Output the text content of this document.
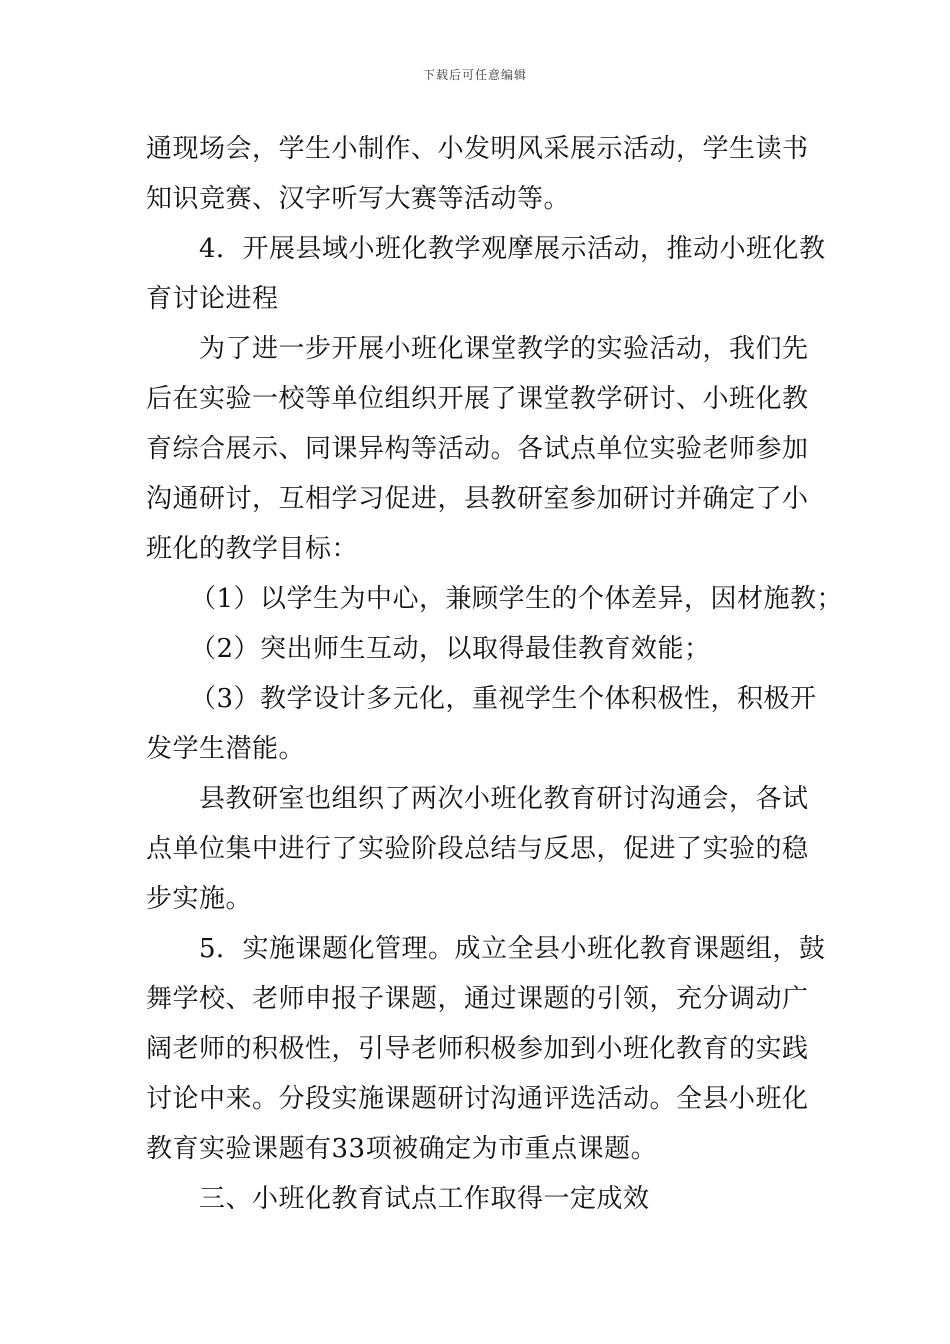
下载后可任意编辑
通现场会，学生小制作、小发明风采展示活动，学生读书
知识竞赛、汉字听写大赛等活动等。
4．开展县域小班化教学观摩展示活动，推动小班化教
育讨论进程
为了进一步开展小班化课堂教学的实验活动，我们先
后在实验一校等单位组织开展了课堂教学研讨、小班化教
育综合展示、同课异构等活动。各试点单位实验老师参加
沟通研讨，互相学习促进，县教研室参加研讨并确定了小
班化的教学目标：
（1）以学生为中心，兼顾学生的个体差异，因材施教；
（2）突出师生互动，以取得最佳教育效能；
（3）教学设计多元化，重视学生个体积极性，积极开
发学生潜能。
县教研室也组织了两次小班化教育研讨沟通会，各试
点单位集中进行了实验阶段总结与反思，促进了实验的稳
步实施。
5．实施课题化管理。成立全县小班化教育课题组，鼓
舞学校、老师申报子课题，通过课题的引领，充分调动广
阔老师的积极性，引导老师积极参加到小班化教育的实践
讨论中来。分段实施课题研讨沟通评选活动。全县小班化
教育实验课题有33项被确定为市重点课题。
三、小班化教育试点工作取得一定成效
